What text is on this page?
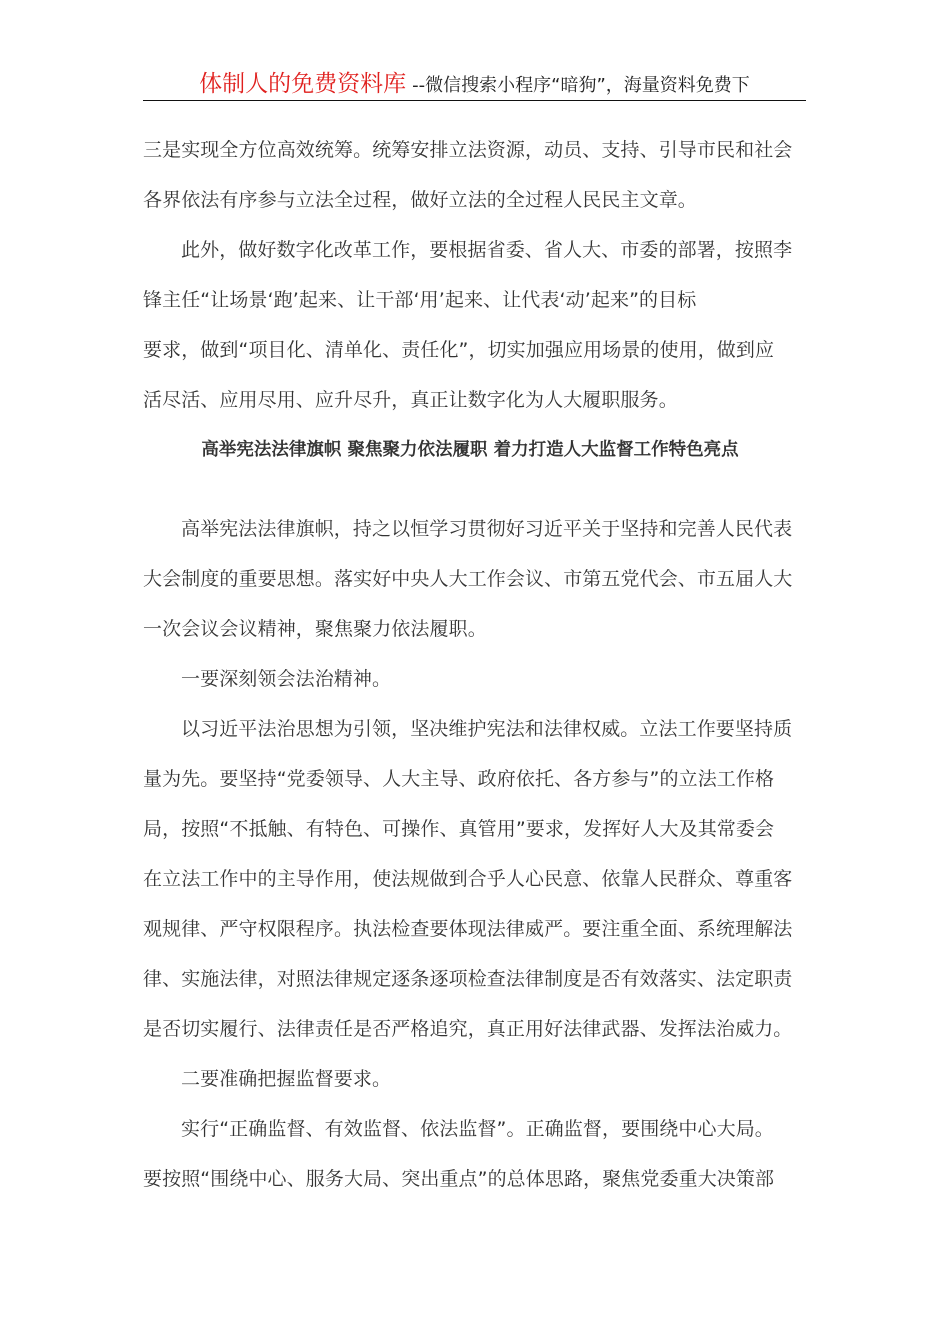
体制人的免费资料库 --微信搜索小程序“暗狗”，海量资料免费下
三是实现全方位高效统筹。统筹安排立法资源，动员、支持、引导市民和社会
各界依法有序参与立法全过程，做好立法的全过程人民民主文章。
此外，做好数字化改革工作，要根据省委、省人大、市委的部署，按照李
锋主任“让场景‘跑’起来、让干部‘用’起来、让代表‘动’起来”的目标
要求，做到“项目化、清单化、责任化”，切实加强应用场景的使用，做到应
活尽活、应用尽用、应升尽升，真正让数字化为人大履职服务。
高举宪法法律旗帜 聚焦聚力依法履职 着力打造人大监督工作特色亮点
高举宪法法律旗帜，持之以恒学习贯彻好习近平关于坚持和完善人民代表
大会制度的重要思想。落实好中央人大工作会议、市第五党代会、市五届人大
一次会议会议精神，聚焦聚力依法履职。
一要深刻领会法治精神。
以习近平法治思想为引领，坚决维护宪法和法律权威。立法工作要坚持质
量为先。要坚持“党委领导、人大主导、政府依托、各方参与”的立法工作格
局，按照“不抵触、有特色、可操作、真管用”要求，发挥好人大及其常委会
在立法工作中的主导作用，使法规做到合乎人心民意、依靠人民群众、尊重客
观规律、严守权限程序。执法检查要体现法律威严。要注重全面、系统理解法
律、实施法律，对照法律规定逐条逐项检查法律制度是否有效落实、法定职责
是否切实履行、法律责任是否严格追究，真正用好法律武器、发挥法治威力。
二要准确把握监督要求。
实行“正确监督、有效监督、依法监督”。正确监督，要围绕中心大局。
要按照“围绕中心、服务大局、突出重点”的总体思路，聚焦党委重大决策部
